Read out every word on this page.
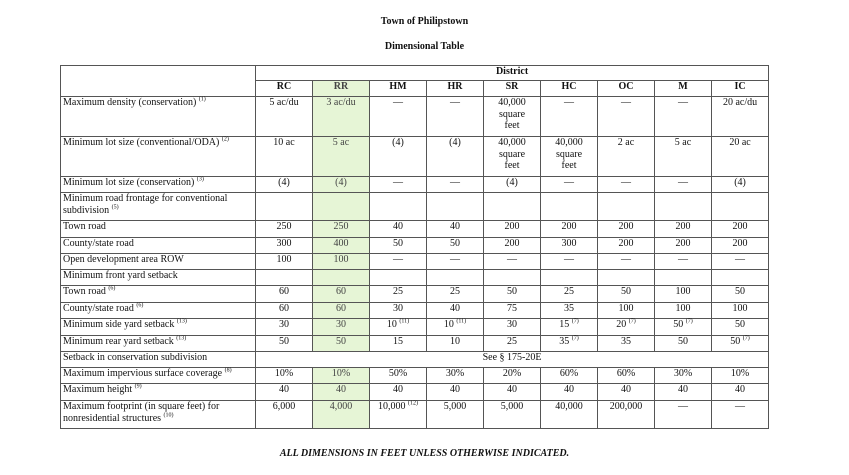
Town of Philipstown
Dimensional Table
	District								
	RC	RR	HM	HR	SR	HC	OC	M	IC
Maximum density (conservation) $^{(1)}$	5 ac/du	3 ac/du	—	—	40,000
square
feet	—	—	—	20 ac/du
Minimum lot size (conventional/ODA) $^{(2)}$	10 ac	5 ac	(4)	(4)	40,000
square
feet	40,000
square
feet	2 ac	5 ac	20 ac
Minimum lot size (conservation) $^{(3)}$	(4)	(4)	—	—	(4)	—	—	—	(4)
Minimum road frontage for conventional subdivision $^{(5)}$									
Town road	250	250	40	40	200	200	200	200	200
County/state road	300	400	50	50	200	300	200	200	200
Open development area ROW	100	100	—	—	—	—	—	—	—
Minimum front yard setback									
Town road $^{(6)}$	60	60	25	25	50	25	50	100	50
County/state road $^{(6)}$	60	60	30	40	75	35	100	100	100
Minimum side yard setback $^{(13)}$	30	30	10 $^{(11)}$	10 $^{(11)}$	30	15 $^{(7)}$	20 $^{(7)}$	50 $^{(7)}$	50
Minimum rear yard setback $^{(13)}$	50	50	15	10	25	35 $^{(7)}$	35	50	50 $^{(7)}$
Setback in conservation subdivision	See § 175-20E								
Maximum impervious surface coverage $^{(8)}$	10%	10%	50%	30%	20%	60%	60%	30%	10%
Maximum height $^{(9)}$	40	40	40	40	40	40	40	40	40
Maximum footprint (in square feet) for nonresidential structures $^{(10)}$	6,000	4,000	10,000 $^{(12)}$	5,000	5,000	40,000	200,000	—	—
ALL DIMENSIONS IN FEET UNLESS OTHERWISE INDICATED.
